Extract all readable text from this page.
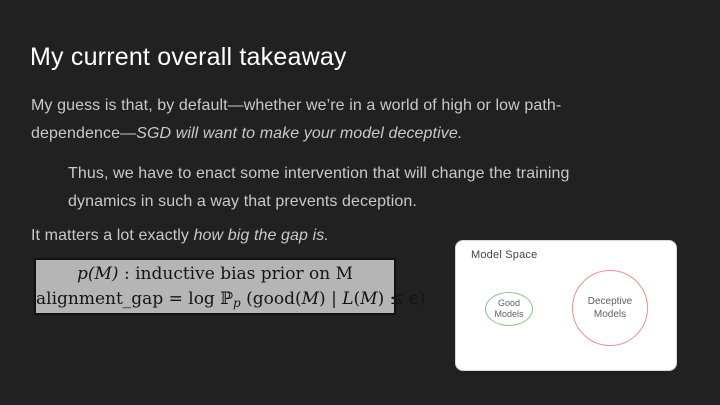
My current overall takeaway

My guess is that, by default—whether we’re in a world of high or low path-
dependence—SGD will want to make your model deceptive.

Thus, we have to enact some intervention that will change the training
dynamics in such a way that prevents deception.

It matters a lot exactly how big the gap is.

p(M) : inductive bias prior on M
alignment_gap = log ℙ$_p$ (good(M) | L(M) ≤ ϵ)
Model Space
Good Models
Deceptive Models
